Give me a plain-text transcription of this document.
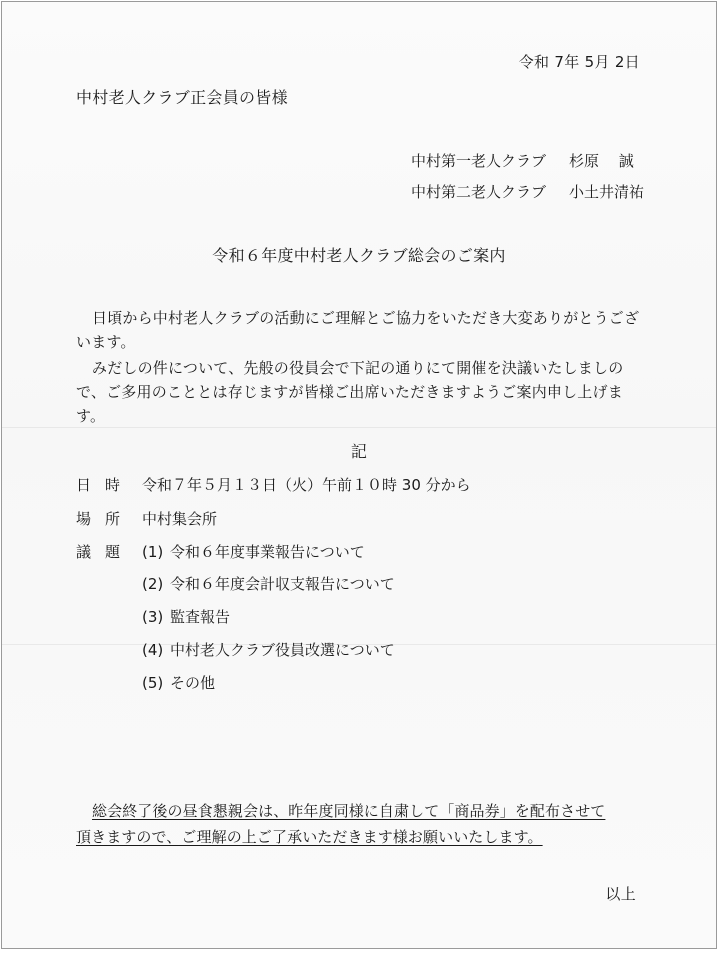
令和 7年 5月 2日
中村老人クラブ正会員の皆様
中村第一老人クラブ 杉原　 誠
中村第二老人クラブ 小土井清祐
令和６年度中村老人クラブ総会のご案内
日頃から中村老人クラブの活動にご理解とご協力をいただき大変ありがとうございます。
みだしの件について、先般の役員会で下記の通りにて開催を決議いたしましので、ご多用のこととは存じますが皆様ご出席いただきますようご案内申し上げます。
記
日時 令和７年５月１３日（火）午前１０時 30 分から
場所 中村集会所
議題 (1) 令和６年度事業報告について
(2) 令和６年度会計収支報告について
(3) 監査報告
(4) 中村老人クラブ役員改選について
(5) その他
総会終了後の昼食懇親会は、昨年度同様に自粛して「商品券」を配布させて
頂きますので、ご理解の上ご了承いただきます様お願いいたします。
以上
